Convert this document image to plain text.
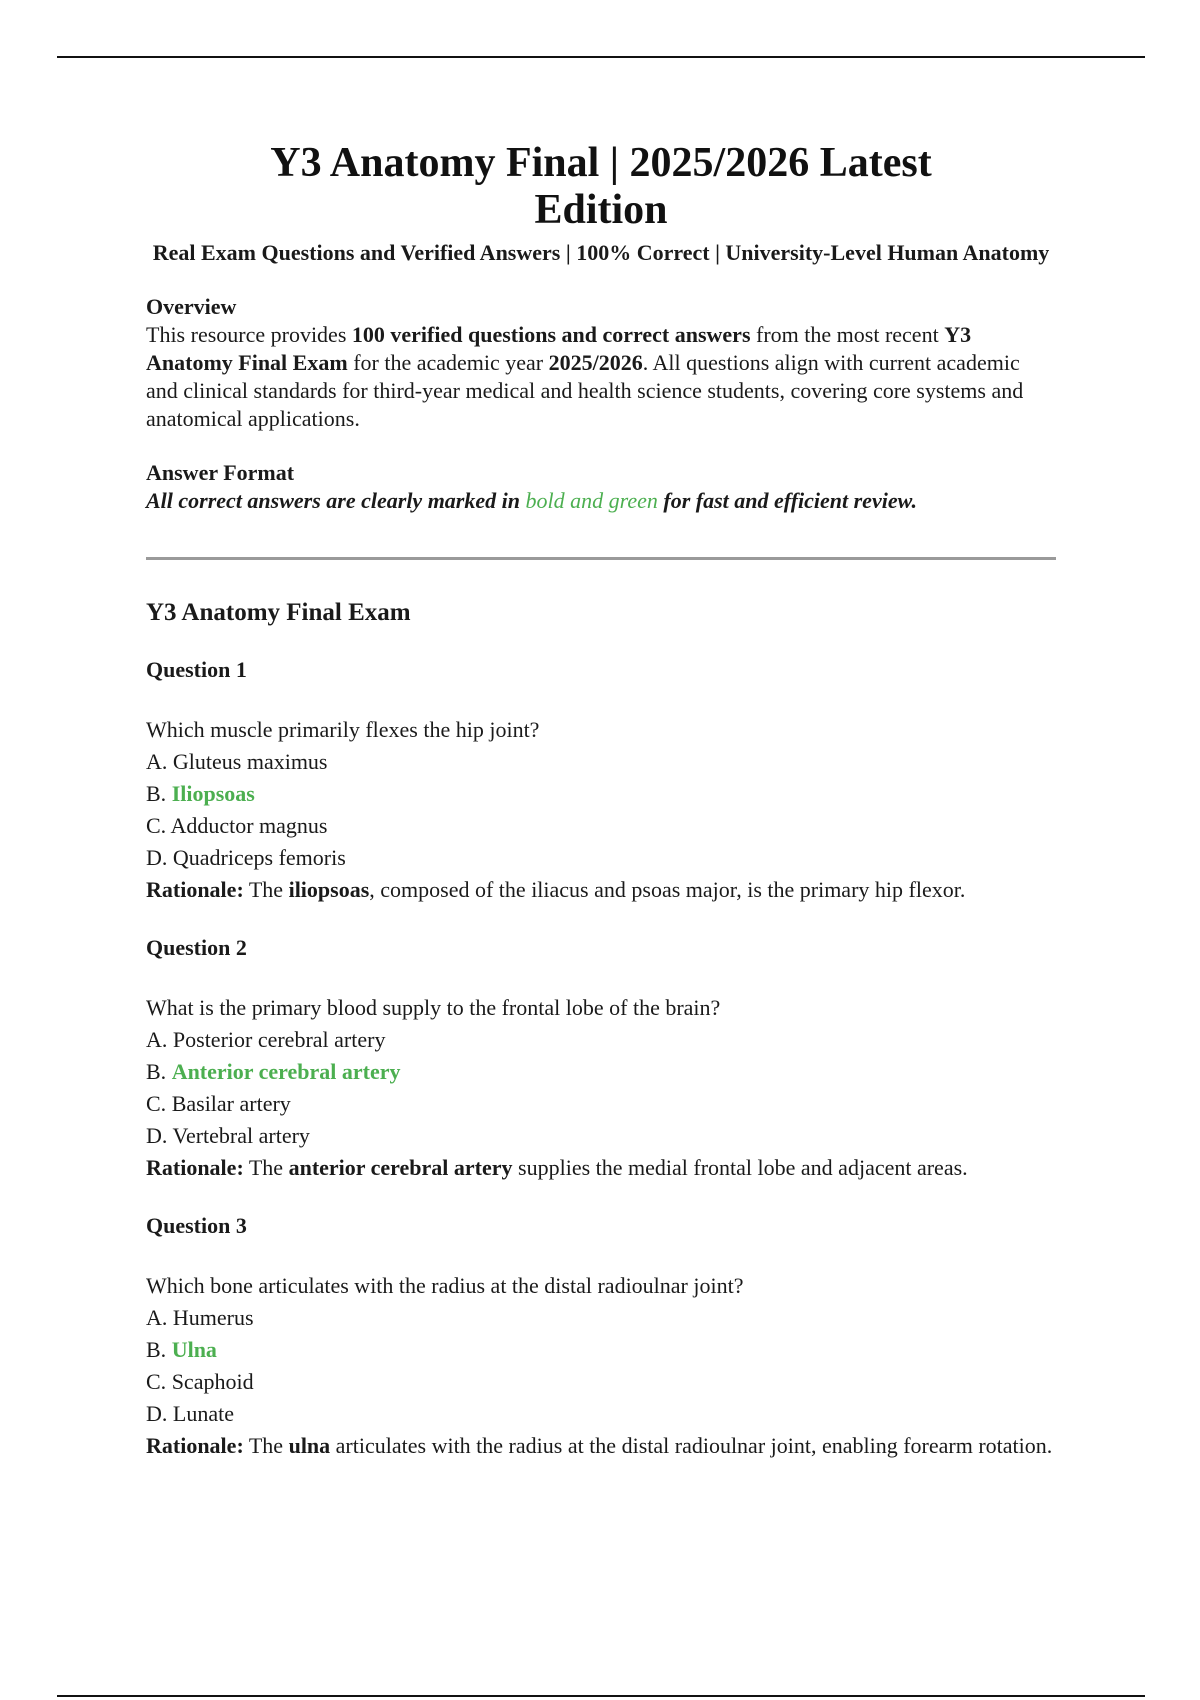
Y3 Anatomy Final | 2025/2026 Latest Edition

Real Exam Questions and Verified Answers | 100% Correct | University-Level Human Anatomy

Overview

This resource provides 100 verified questions and correct answers from the most recent Y3 Anatomy Final Exam for the academic year 2025/2026. All questions align with current academic and clinical standards for third-year medical and health science students, covering core systems and anatomical applications.

Answer Format

All correct answers are clearly marked in bold and green for fast and efficient review.

Y3 Anatomy Final Exam

Question 1

Which muscle primarily flexes the hip joint?

A. Gluteus maximus

B. Iliopsoas

C. Adductor magnus

D. Quadriceps femoris

Rationale: The iliopsoas, composed of the iliacus and psoas major, is the primary hip flexor.

Question 2

What is the primary blood supply to the frontal lobe of the brain?

A. Posterior cerebral artery

B. Anterior cerebral artery

C. Basilar artery

D. Vertebral artery

Rationale: The anterior cerebral artery supplies the medial frontal lobe and adjacent areas.

Question 3

Which bone articulates with the radius at the distal radioulnar joint?

A. Humerus

B. Ulna

C. Scaphoid

D. Lunate

Rationale: The ulna articulates with the radius at the distal radioulnar joint, enabling forearm rotation.
